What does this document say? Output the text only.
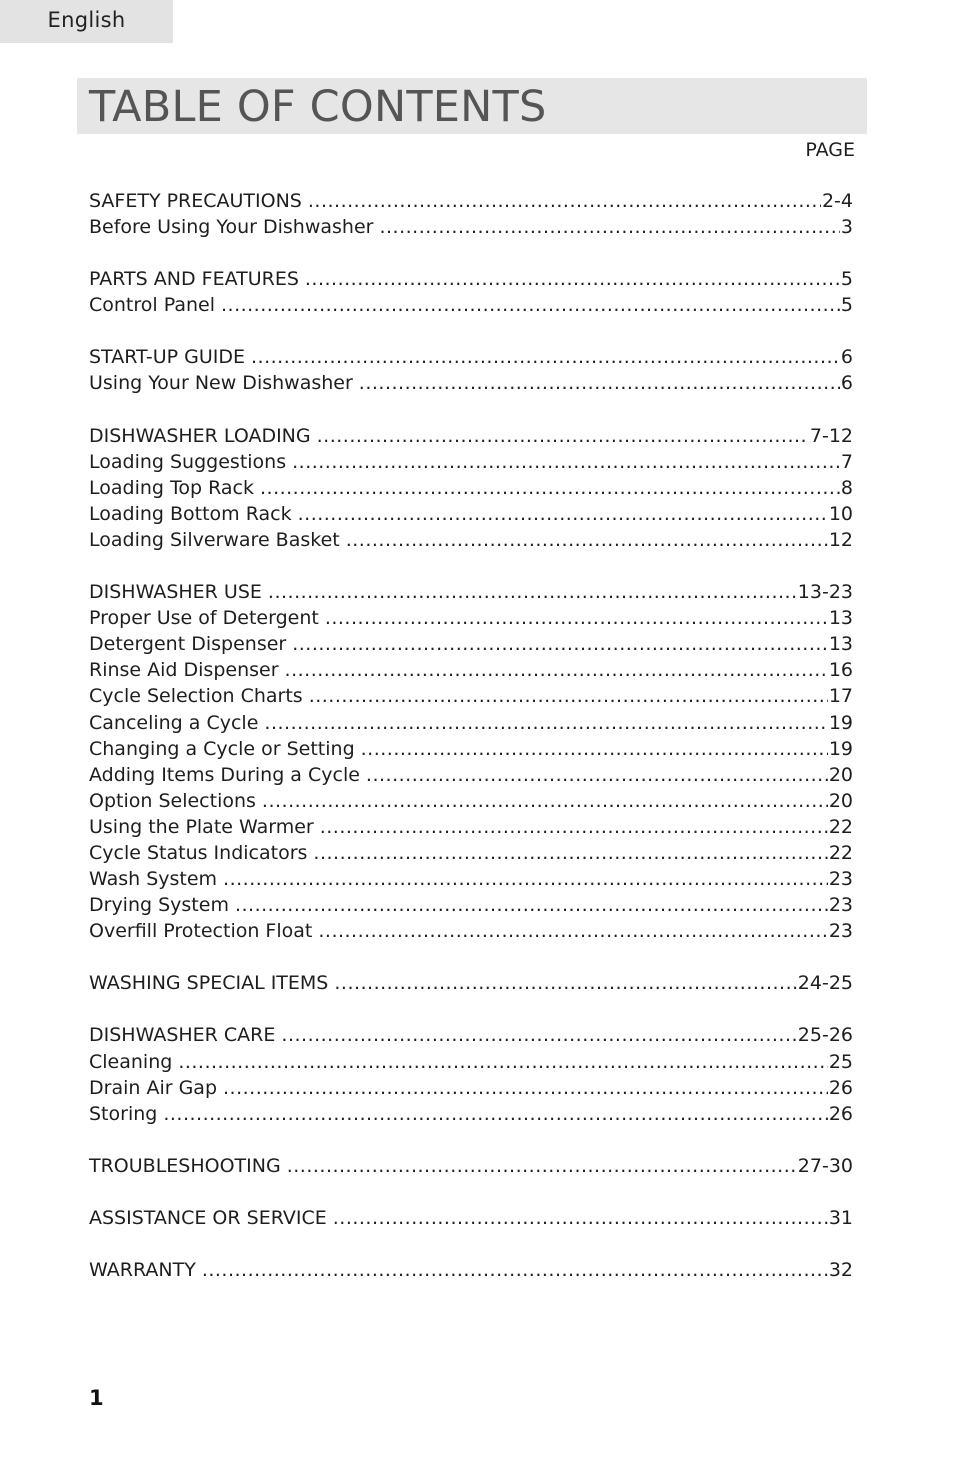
English
TABLE OF CONTENTS
PAGE
SAFETY PRECAUTIONS .....	2-4
Before Using Your Dishwasher .....	3
PARTS AND FEATURES .....	5
Control Panel .....	5
START-UP GUIDE .....	6
Using Your New Dishwasher .....	6
DISHWASHER LOADING .....	7-12
Loading Suggestions .....	7
Loading Top Rack .....	8
Loading Bottom Rack .....	10
Loading Silverware Basket .....	12
DISHWASHER USE .....	13-23
Proper Use of Detergent .....	13
Detergent Dispenser .....	13
Rinse Aid Dispenser .....	16
Cycle Selection Charts .....	17
Canceling a Cycle .....	19
Changing a Cycle or Setting .....	19
Adding Items During a Cycle .....	20
Option Selections .....	20
Using the Plate Warmer .....	22
Cycle Status Indicators .....	22
Wash System .....	23
Drying System .....	23
Overfill Protection Float .....	23
WASHING SPECIAL ITEMS .....	24-25
DISHWASHER CARE .....	25-26
Cleaning .....	25
Drain Air Gap .....	26
Storing .....	26
TROUBLESHOOTING .....	27-30
ASSISTANCE OR SERVICE .....	31
WARRANTY .....	32
1
